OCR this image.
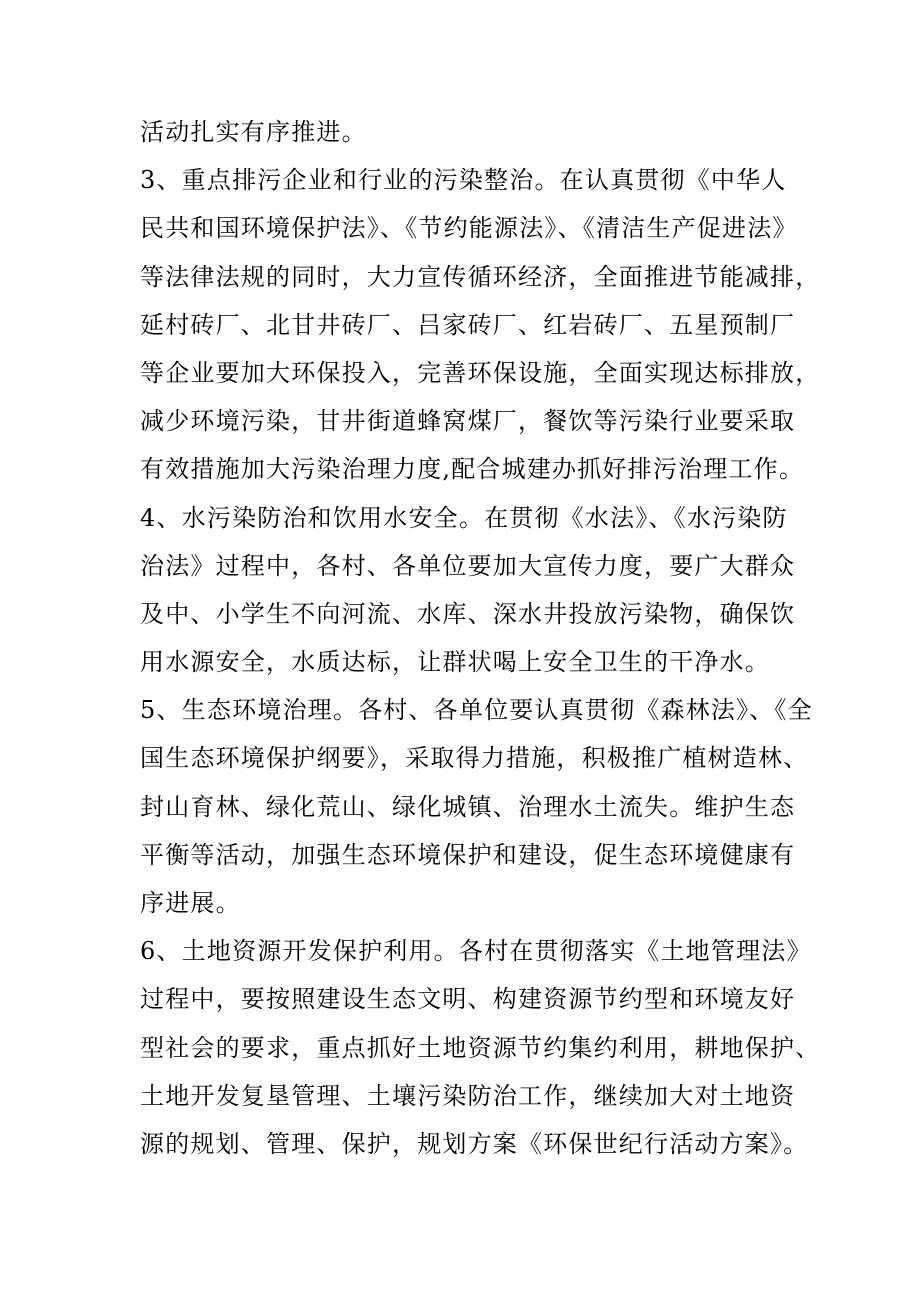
活动扎实有序推进。
3、重点排污企业和行业的污染整治。在认真贯彻《中华人
民共和国环境保护法》、《节约能源法》、《清洁生产促进法》
等法律法规的同时，大力宣传循环经济，全面推进节能减排，
延村砖厂、北甘井砖厂、吕家砖厂、红岩砖厂、五星预制厂
等企业要加大环保投入，完善环保设施，全面实现达标排放，
减少环境污染，甘井街道蜂窝煤厂，餐饮等污染行业要采取
有效措施加大污染治理力度,配合城建办抓好排污治理工作。
4、水污染防治和饮用水安全。在贯彻《水法》、《水污染防
治法》过程中，各村、各单位要加大宣传力度，要广大群众
及中、小学生不向河流、水库、深水井投放污染物，确保饮
用水源安全，水质达标，让群状喝上安全卫生的干净水。
5、生态环境治理。各村、各单位要认真贯彻《森林法》、《全
国生态环境保护纲要》，采取得力措施，积极推广植树造林、
封山育林、绿化荒山、绿化城镇、治理水土流失。维护生态
平衡等活动，加强生态环境保护和建设，促生态环境健康有
序进展。
6、土地资源开发保护利用。各村在贯彻落实《土地管理法》
过程中，要按照建设生态文明、构建资源节约型和环境友好
型社会的要求，重点抓好土地资源节约集约利用，耕地保护、
土地开发复垦管理、土壤污染防治工作，继续加大对土地资
源的规划、管理、保护，规划方案《环保世纪行活动方案》。
